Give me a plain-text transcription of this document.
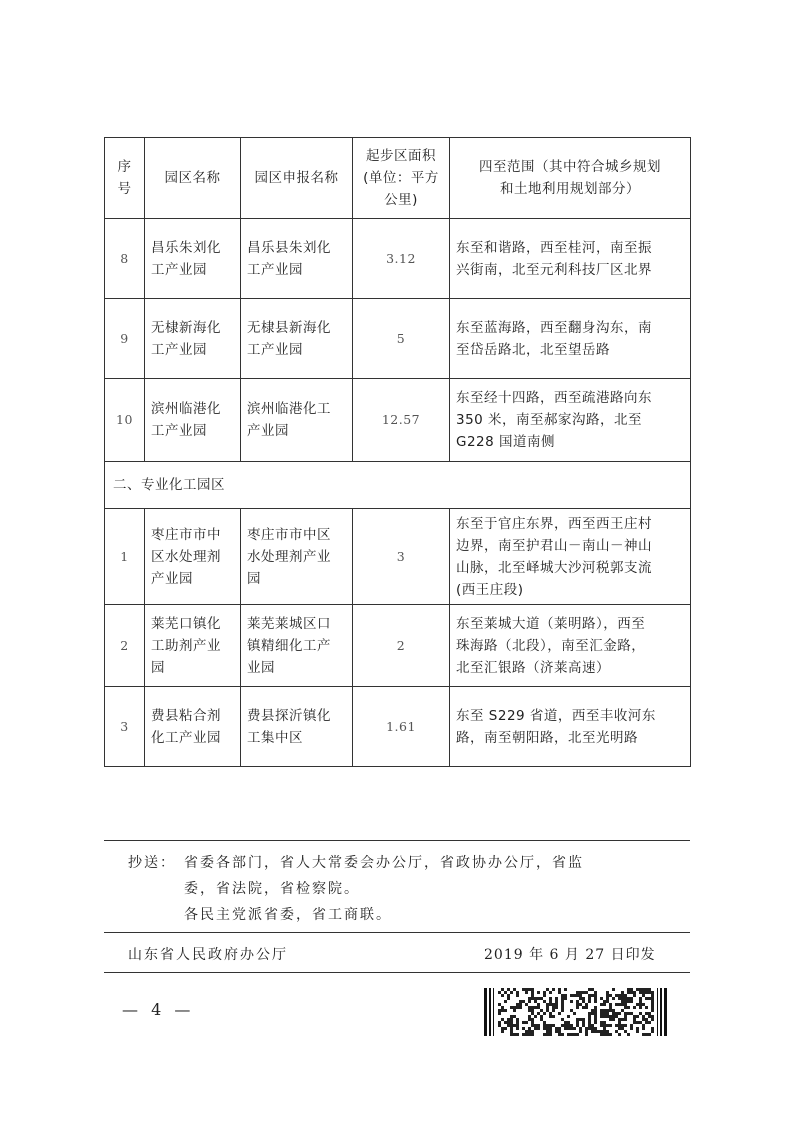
序号	园区名称	园区申报名称	起步区面积
(单位：平方
公里)	四至范围（其中符合城乡规划
和土地利用规划部分）

8	昌乐朱刘化
工产业园	昌乐县朱刘化
工产业园	3.12	东至和谐路，西至桂河，南至振
兴街南，北至元利科技厂区北界

9	无棣新海化
工产业园	无棣县新海化
工产业园	5	东至蓝海路，西至翻身沟东，南
至岱岳路北，北至望岳路

10	滨州临港化
工产业园	滨州临港化工
产业园	12.57	东至经十四路，西至疏港路向东
350 米，南至郝家沟路，北至
G228 国道南侧

二、专业化工园区				
1	枣庄市市中
区水处理剂
产业园	枣庄市市中区
水处理剂产业
园	3	东至于官庄东界，西至西王庄村
边界，南至护君山－南山－神山
山脉，北至峄城大沙河税郭支流
(西王庄段)

2	莱芜口镇化
工助剂产业
园	莱芜莱城区口
镇精细化工产
业园	2	东至莱城大道（莱明路），西至
珠海路（北段），南至汇金路，
北至汇银路（济莱高速）

3	费县粘合剂
化工产业园	费县探沂镇化
工集中区	1.61	东至 S229 省道，西至丰收河东
路，南至朝阳路，北至光明路
抄送： 省委各部门，省人大常委会办公厅，省政协办公厅，省监
委，省法院，省检察院。
各民主党派省委，省工商联。
山东省人民政府办公厅	2019 年 6 月 27 日印发
— 4 —
